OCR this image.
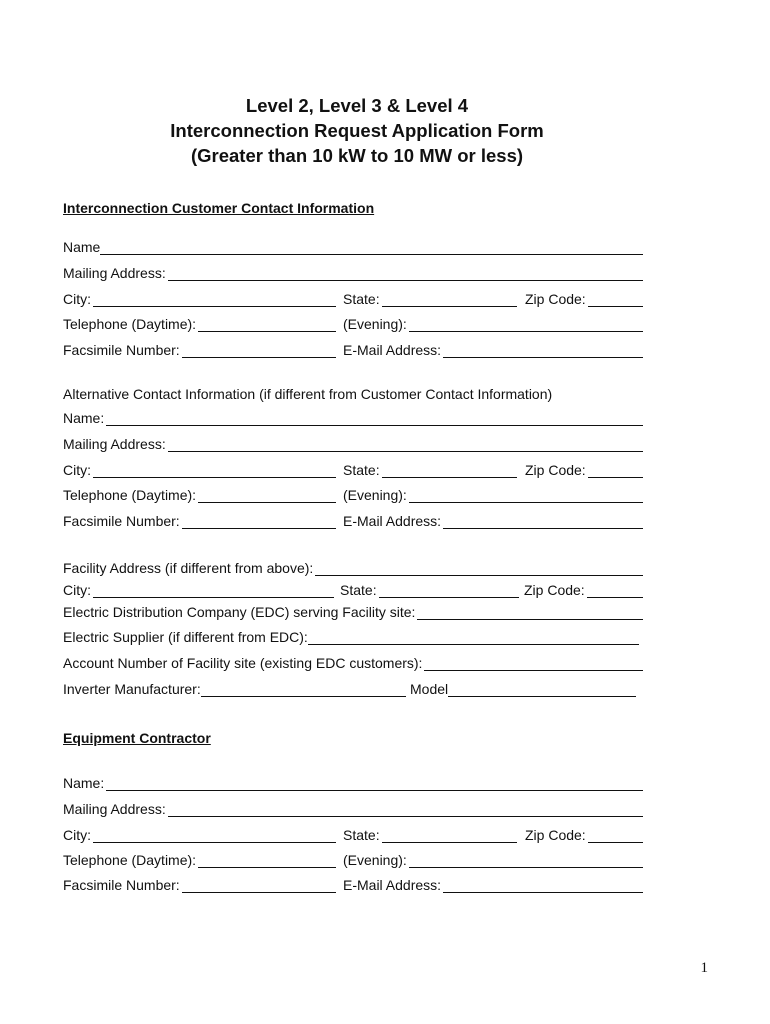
Level 2, Level 3 & Level 4
Interconnection Request Application Form
(Greater than 10 kW to 10 MW or less)
Interconnection Customer Contact Information
Name
Mailing Address:
City:	State:	Zip Code:
Telephone (Daytime):	(Evening):
Facsimile Number:	E-Mail Address:
Alternative Contact Information (if different from Customer Contact Information)
Name:
Mailing Address:
City:	State:	Zip Code:
Telephone (Daytime):	(Evening):
Facsimile Number:	E-Mail Address:
Facility Address (if different from above):
City:	State:	Zip Code:
Electric Distribution Company (EDC) serving Facility site:
Electric Supplier (if different from EDC):
Account Number of Facility site (existing EDC customers):
Inverter Manufacturer:	Model
Equipment Contractor
Name:
Mailing Address:
City:	State:	Zip Code:
Telephone (Daytime):	(Evening):
Facsimile Number:	E-Mail Address:
1
